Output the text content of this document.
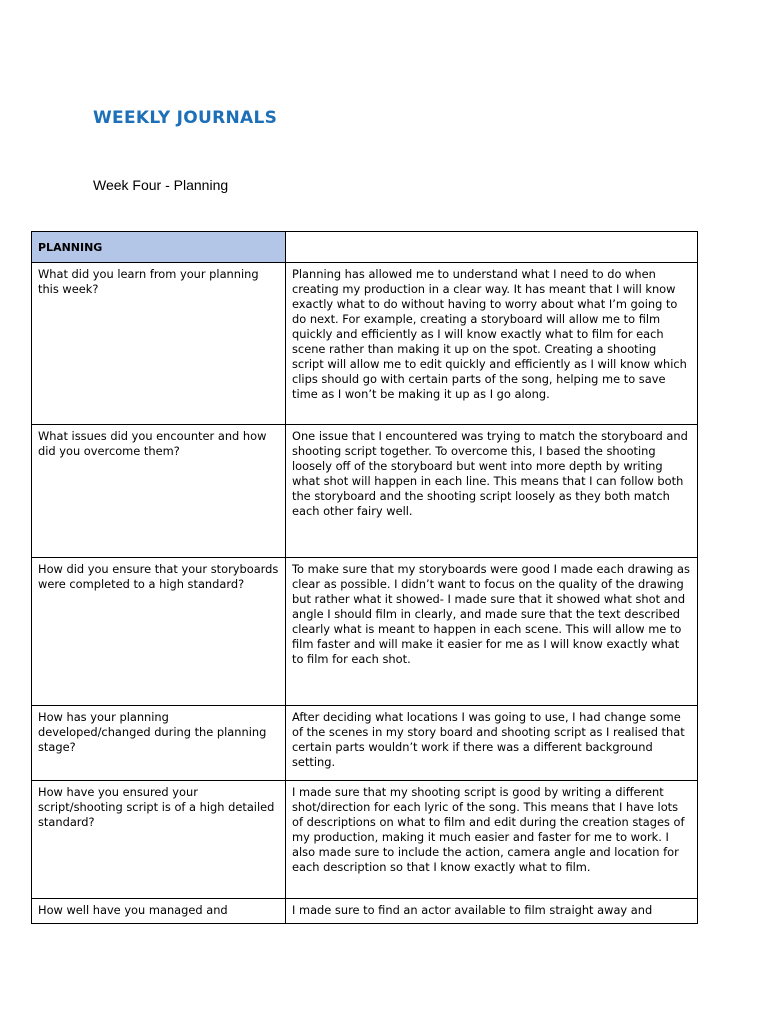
WEEKLY JOURNALS

Week Four - Planning

PLANNING	
What did you learn from your planning this week?	Planning has allowed me to understand what I need to do when creating my production in a clear way. It has meant that I will know exactly what to do without having to worry about what I’m going to do next. For example, creating a storyboard will allow me to film quickly and efficiently as I will know exactly what to film for each scene rather than making it up on the spot. Creating a shooting script will allow me to edit quickly and efficiently as I will know which clips should go with certain parts of the song, helping me to save time as I won’t be making it up as I go along.
What issues did you encounter and how did you overcome them?	One issue that I encountered was trying to match the storyboard and shooting script together. To overcome this, I based the shooting loosely off of the storyboard but went into more depth by writing what shot will happen in each line. This means that I can follow both the storyboard and the shooting script loosely as they both match each other fairy well.
How did you ensure that your storyboards were completed to a high standard?	To make sure that my storyboards were good I made each drawing as clear as possible. I didn’t want to focus on the quality of the drawing but rather what it showed- I made sure that it showed what shot and angle I should film in clearly, and made sure that the text described clearly what is meant to happen in each scene. This will allow me to film faster and will make it easier for me as I will know exactly what to film for each shot.
How has your planning developed/changed during the planning stage?	After deciding what locations I was going to use, I had change some of the scenes in my story board and shooting script as I realised that certain parts wouldn’t work if there was a different background setting.
How have you ensured your script/shooting script is of a high detailed standard?	I made sure that my shooting script is good by writing a different shot/direction for each lyric of the song. This means that I have lots of descriptions on what to film and edit during the creation stages of my production, making it much easier and faster for me to work. I also made sure to include the action, camera angle and location for each description so that I know exactly what to film.
How well have you managed and	I made sure to find an actor available to film straight away and
